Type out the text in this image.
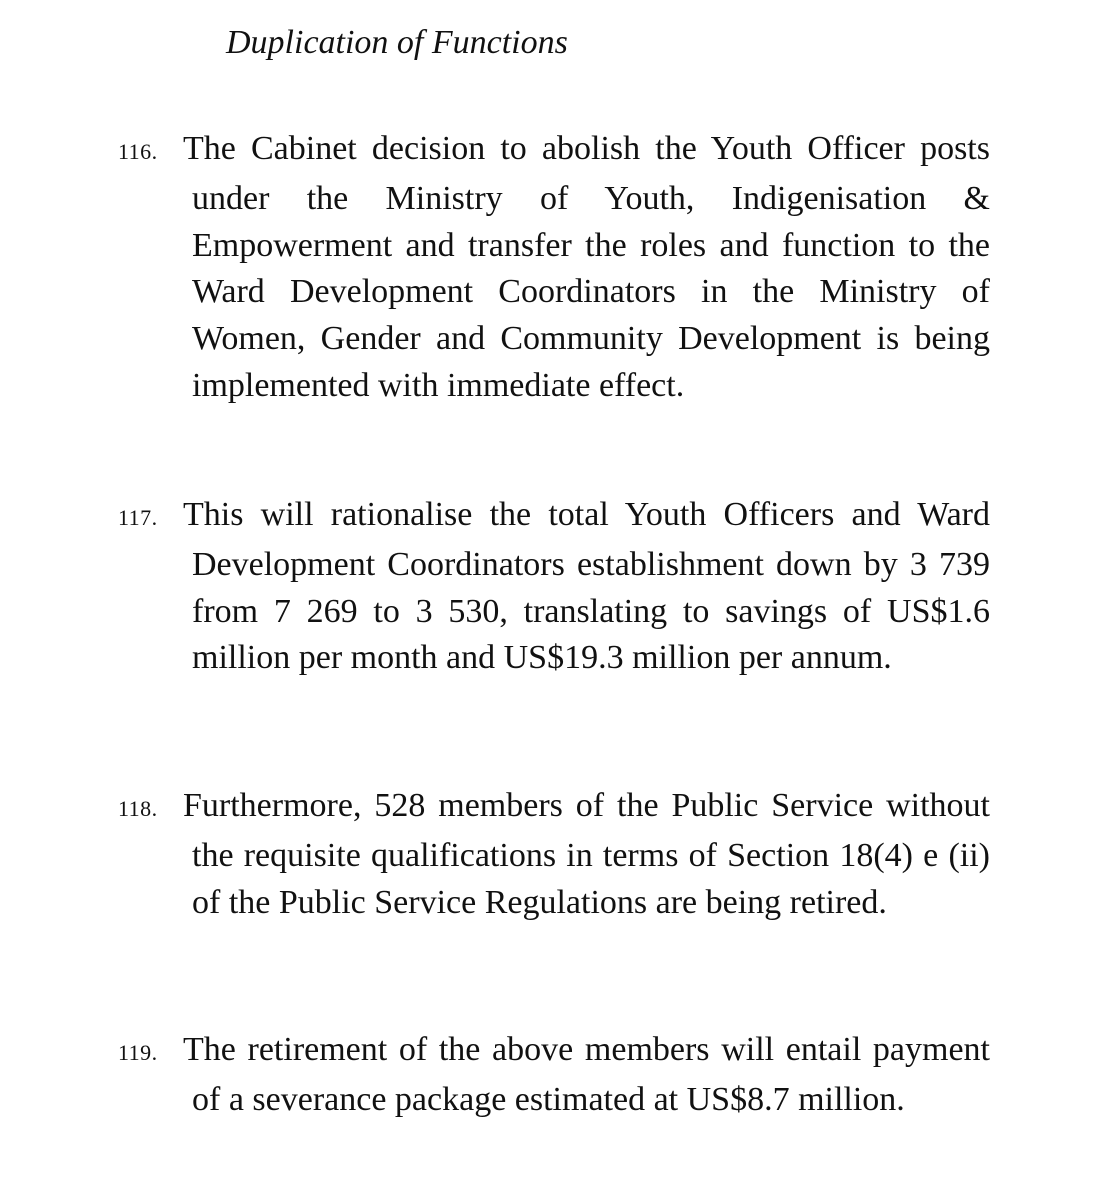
Duplication of Functions
116. The Cabinet decision to abolish the Youth Officer posts under the Ministry of Youth, Indigenisation & Empowerment and transfer the roles and function to the Ward Development Coordinators in the Ministry of Women, Gender and Community Development is being implemented with immediate effect.
117. This will rationalise the total Youth Officers and Ward Development Coordinators establishment down by 3 739 from 7 269 to 3 530, translating to savings of US$1.6 million per month and US$19.3 million per annum.
118. Furthermore, 528 members of the Public Service without the requisite qualifications in terms of Section 18(4) e (ii) of the Public Service Regulations are being retired.
119. The retirement of the above members will entail payment of a severance package estimated at US$8.7 million.
